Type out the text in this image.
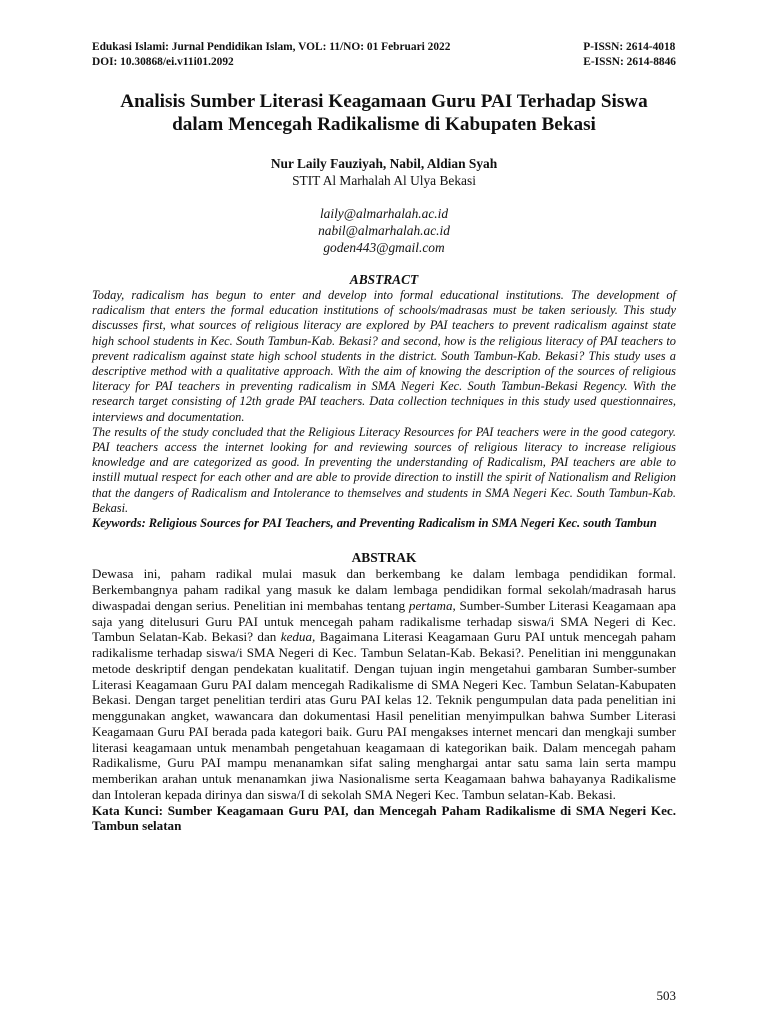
Edukasi Islami: Jurnal Pendidikan Islam, VOL: 11/NO: 01 Februari 2022
DOI: 10.30868/ei.v11i01.2092
P-ISSN: 2614-4018
E-ISSN: 2614-8846
Analisis Sumber Literasi Keagamaan Guru PAI Terhadap Siswa
dalam Mencegah Radikalisme di Kabupaten Bekasi
Nur Laily Fauziyah, Nabil, Aldian Syah
STIT Al Marhalah Al Ulya Bekasi
laily@almarhalah.ac.id
nabil@almarhalah.ac.id
goden443@gmail.com
ABSTRACT

Today, radicalism has begun to enter and develop into formal educational institutions. The development of radicalism that enters the formal education institutions of schools/madrasas must be taken seriously. This study discusses first, what sources of religious literacy are explored by PAI teachers to prevent radicalism against state high school students in Kec. South Tambun-Kab. Bekasi? and second, how is the religious literacy of PAI teachers to prevent radicalism against state high school students in the district. South Tambun-Kab. Bekasi? This study uses a descriptive method with a qualitative approach. With the aim of knowing the description of the sources of religious literacy for PAI teachers in preventing radicalism in SMA Negeri Kec. South Tambun-Bekasi Regency. With the research target consisting of 12th grade PAI teachers. Data collection techniques in this study used questionnaires, interviews and documentation.

The results of the study concluded that the Religious Literacy Resources for PAI teachers were in the good category. PAI teachers access the internet looking for and reviewing sources of religious literacy to increase religious knowledge and are categorized as good. In preventing the understanding of Radicalism, PAI teachers are able to instill mutual respect for each other and are able to provide direction to instill the spirit of Nationalism and Religion that the dangers of Radicalism and Intolerance to themselves and students in SMA Negeri Kec. South Tambun-Kab. Bekasi.

Keywords: Religious Sources for PAI Teachers, and Preventing Radicalism in SMA Negeri Kec. south Tambun

ABSTRAK

Dewasa ini, paham radikal mulai masuk dan berkembang ke dalam lembaga pendidikan formal. Berkembangnya paham radikal yang masuk ke dalam lembaga pendidikan formal sekolah/madrasah harus diwaspadai dengan serius. Penelitian ini membahas tentang pertama, Sumber-Sumber Literasi Keagamaan apa saja yang ditelusuri Guru PAI untuk mencegah paham radikalisme terhadap siswa/i SMA Negeri di Kec. Tambun Selatan-Kab. Bekasi? dan kedua, Bagaimana Literasi Keagamaan Guru PAI untuk mencegah paham radikalisme terhadap siswa/i SMA Negeri di Kec. Tambun Selatan-Kab. Bekasi?. Penelitian ini menggunakan metode deskriptif dengan pendekatan kualitatif. Dengan tujuan ingin mengetahui gambaran Sumber-sumber Literasi Keagamaan Guru PAI dalam mencegah Radikalisme di SMA Negeri Kec. Tambun Selatan-Kabupaten Bekasi. Dengan target penelitian terdiri atas Guru PAI kelas 12. Teknik pengumpulan data pada penelitian ini menggunakan angket, wawancara dan dokumentasi Hasil penelitian menyimpulkan bahwa Sumber Literasi Keagamaan Guru PAI berada pada kategori baik. Guru PAI mengakses internet mencari dan mengkaji sumber literasi keagamaan untuk menambah pengetahuan keagamaan di kategorikan baik. Dalam mencegah paham Radikalisme, Guru PAI mampu menanamkan sifat saling menghargai antar satu sama lain serta mampu memberikan arahan untuk menanamkan jiwa Nasionalisme serta Keagamaan bahwa bahayanya Radikalisme dan Intoleran kepada dirinya dan siswa/I di sekolah SMA Negeri Kec. Tambun selatan-Kab. Bekasi.

Kata Kunci: Sumber Keagamaan Guru PAI, dan Mencegah Paham Radikalisme di SMA Negeri Kec. Tambun selatan

503
